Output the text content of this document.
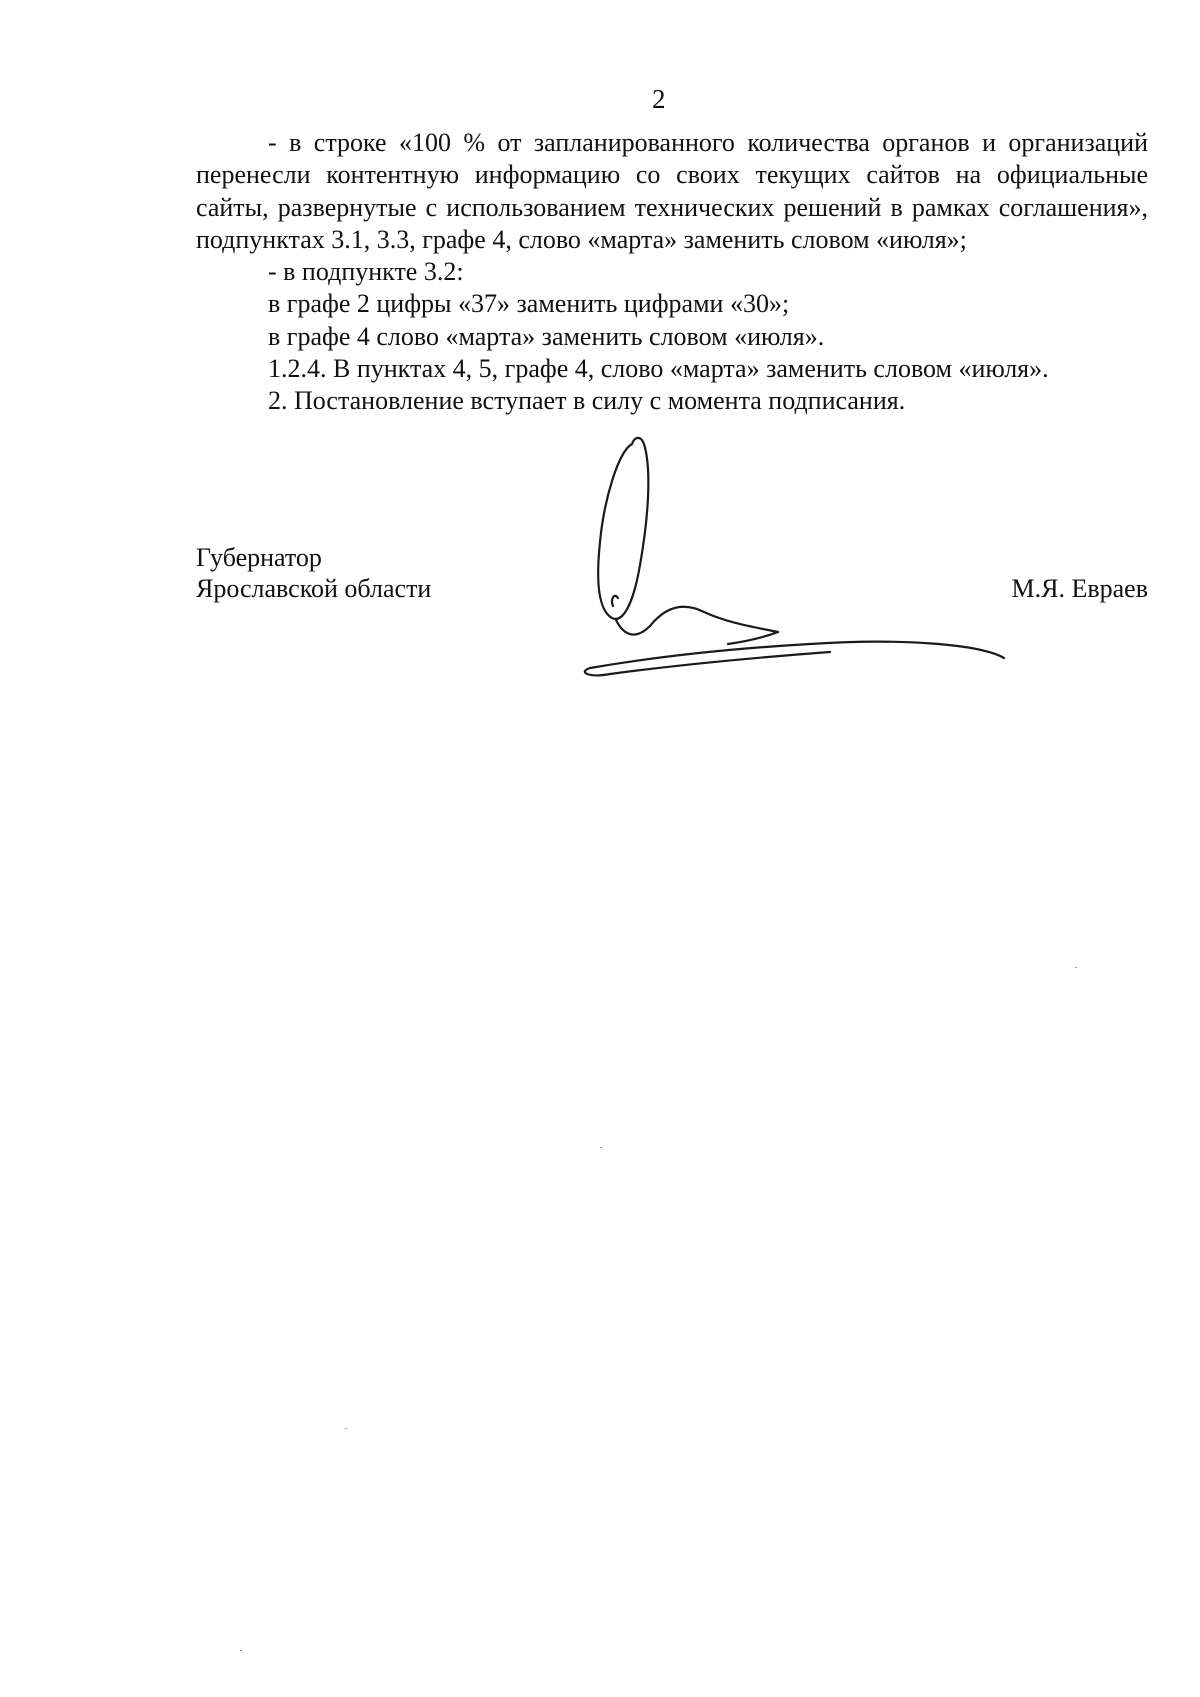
2

- в строке «100 % от запланированного количества органов и организаций перенесли контентную информацию со своих текущих сайтов на официальные сайты, развернутые с использованием технических решений в рамках соглашения», подпунктах 3.1, 3.3, графе 4, слово «марта» заменить словом «июля»;

- в подпункте 3.2:

в графе 2 цифры «37» заменить цифрами «30»;

в графе 4 слово «марта» заменить словом «июля».

1.2.4. В пунктах 4, 5, графе 4, слово «марта» заменить словом «июля».

2. Постановление вступает в силу с момента подписания.

Губернатор
Ярославской области	М.Я. Евраев
